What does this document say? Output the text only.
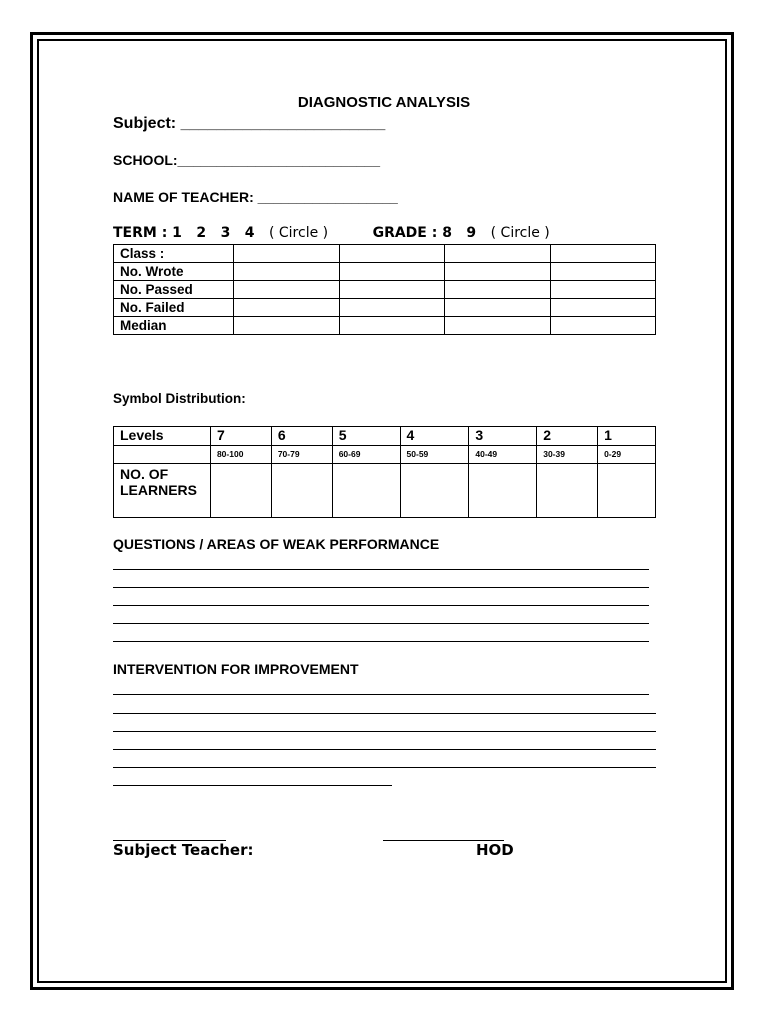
DIAGNOSTIC ANALYSIS
Subject: _______________________
SCHOOL:__________________________
NAME OF TEACHER: __________________
TERM : 1 2 3 4 ( Circle )	GRADE : 8 9 ( Circle )
Class :				
No. Wrote				
No. Passed				
No. Failed				
Median				
Symbol Distribution:
Levels	7	6	5	4	3	2	1
	80-100	70-79	60-69	50-59	40-49	30-39	0-29
NO. OF LEARNERS							
QUESTIONS / AREAS OF WEAK PERFORMANCE
INTERVENTION FOR IMPROVEMENT
Subject Teacher:	HOD
